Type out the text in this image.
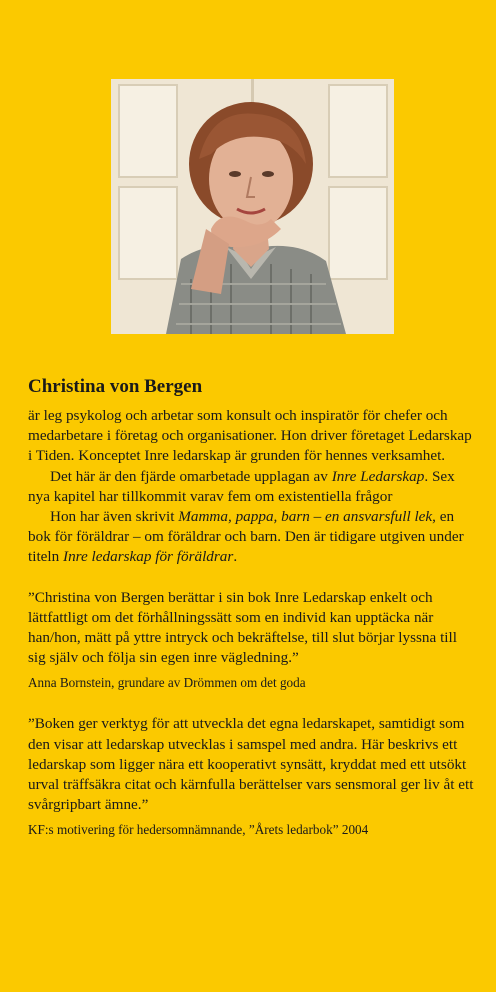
Christina von Bergen

är leg psykolog och arbetar som konsult och inspiratör för chefer och medarbetare i företag och organisationer. Hon driver företaget Ledarskap i Tiden. Konceptet Inre ledarskap är grunden för hennes verksamhet.

Det här är den fjärde omarbetade upplagan av Inre Ledarskap. Sex nya kapitel har tillkommit varav fem om existentiella frågor

Hon har även skrivit Mamma, pappa, barn – en ansvarsfull lek, en bok för föräldrar – om föräldrar och barn. Den är tidigare utgiven under titeln Inre ledarskap för föräldrar.

”Christina von Bergen berättar i sin bok Inre Ledarskap enkelt och lättfattligt om det förhållningssätt som en individ kan upptäcka när han/hon, mätt på yttre intryck och bekräftelse, till slut börjar lyssna till sig själv och följa sin egen inre vägledning.”

Anna Bornstein, grundare av Drömmen om det goda

”Boken ger verktyg för att utveckla det egna ledarskapet, samtidigt som den visar att ledarskap utvecklas i samspel med andra. Här beskrivs ett ledarskap som ligger nära ett kooperativt synsätt, kryddat med ett utsökt urval träffsäkra citat och kärnfulla berättelser vars sensmoral ger liv åt ett svårgripbart ämne.”

KF:s motivering för hedersomnämnande, ”Årets ledarbok” 2004
